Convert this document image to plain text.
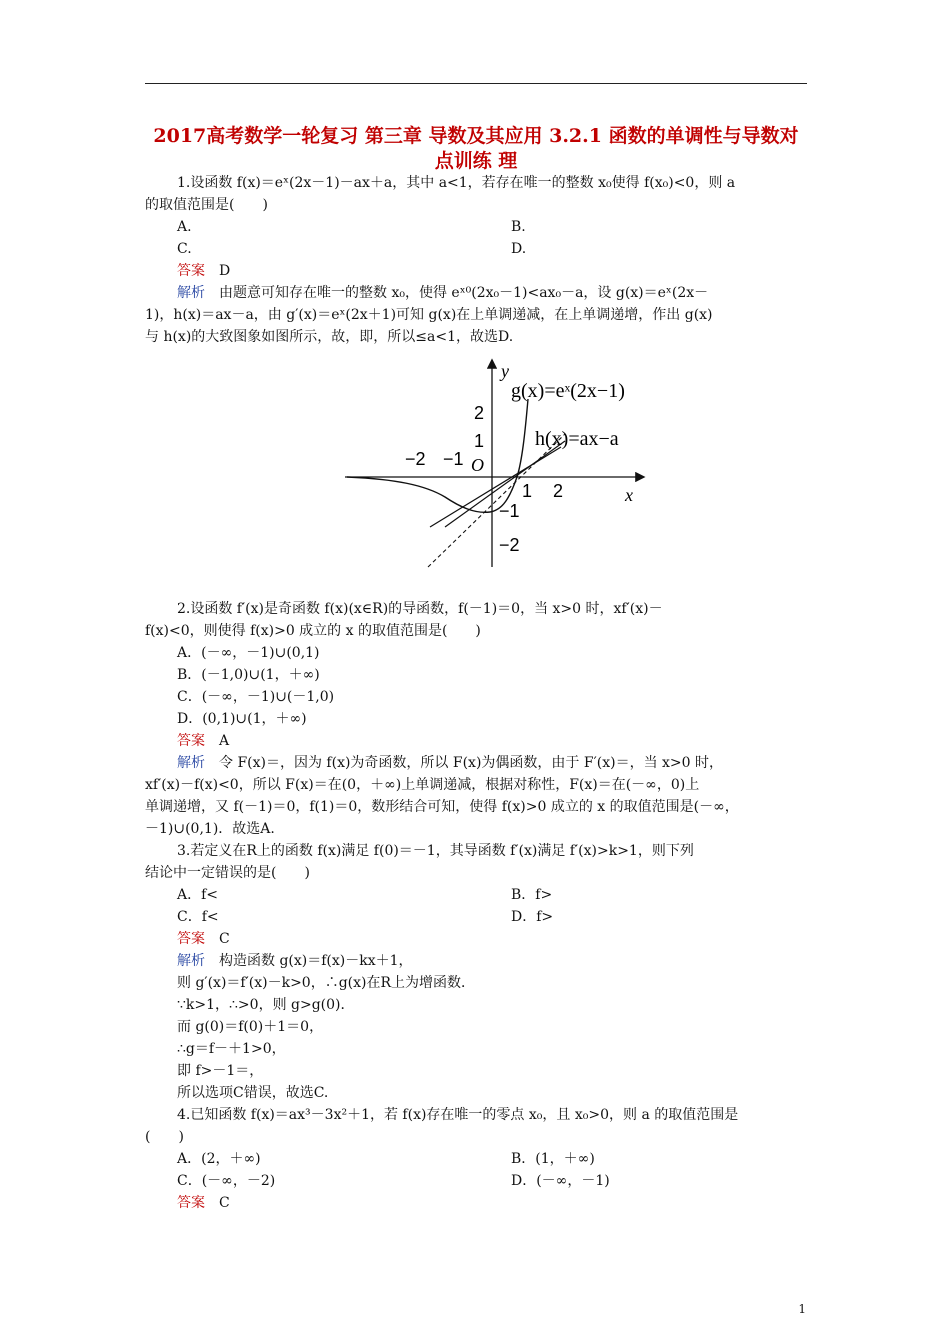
2017高考数学一轮复习 第三章 导数及其应用 3.2.1 函数的单调性与导数对点训练 理

1.设函数 f(x)＝eˣ(2x－1)－ax＋a，其中 a<1，若存在唯一的整数 x₀使得 f(x₀)<0，则 a

的取值范围是(　　)

A.	B.
C.	D.

答案　 D

解析　 由题意可知存在唯一的整数 x₀，使得 eˣ⁰(2x₀－1)<ax₀－a，设 g(x)＝eˣ(2x－

1)，h(x)＝ax－a，由 g′(x)＝eˣ(2x＋1)可知 g(x)在上单调递减，在上单调递增，作出 g(x)

与 h(x)的大致图象如图所示，故，即，所以≤a<1，故选D.

2.设函数 f′(x)是奇函数 f(x)(x∈R)的导函数，f(－1)＝0，当 x>0 时，xf′(x)－

f(x)<0，则使得 f(x)>0 成立的 x 的取值范围是(　　)

A．(－∞，－1)∪(0,1)

B．(－1,0)∪(1，＋∞)

C．(－∞，－1)∪(－1,0)

D．(0,1)∪(1，＋∞)

答案　 A

解析　 令 F(x)＝，因为 f(x)为奇函数，所以 F(x)为偶函数，由于 F′(x)＝，当 x>0 时，

xf′(x)－f(x)<0，所以 F(x)＝在(0，＋∞)上单调递减，根据对称性，F(x)＝在(－∞，0)上

单调递增，又 f(－1)＝0，f(1)＝0，数形结合可知，使得 f(x)>0 成立的 x 的取值范围是(－∞，

－1)∪(0,1)．故选A.

3.若定义在R上的函数 f(x)满足 f(0)＝－1，其导函数 f′(x)满足 f′(x)>k>1，则下列

结论中一定错误的是(　　)

A．f<	B．f>
C．f<	D．f>

答案　 C

解析　 构造函数 g(x)＝f(x)－kx＋1，

则 g′(x)＝f′(x)－k>0，∴g(x)在R上为增函数．

∵k>1，∴>0，则 g>g(0)．

而 g(0)＝f(0)＋1＝0，

∴g＝f－＋1>0，

即 f>－1＝，

所以选项C错误，故选C.

4.已知函数 f(x)＝ax³－3x²＋1，若 f(x)存在唯一的零点 x₀，且 x₀>0，则 a 的取值范围是

(　　)

A．(2，＋∞)	B．(1，＋∞)
C．(－∞，－2)	D．(－∞，－1)

答案　 C

y
x
O
−2 −1
1 2
2
1
−1
−2
g(x)=eˣ(2x−1)
h(x)=ax−a
1
